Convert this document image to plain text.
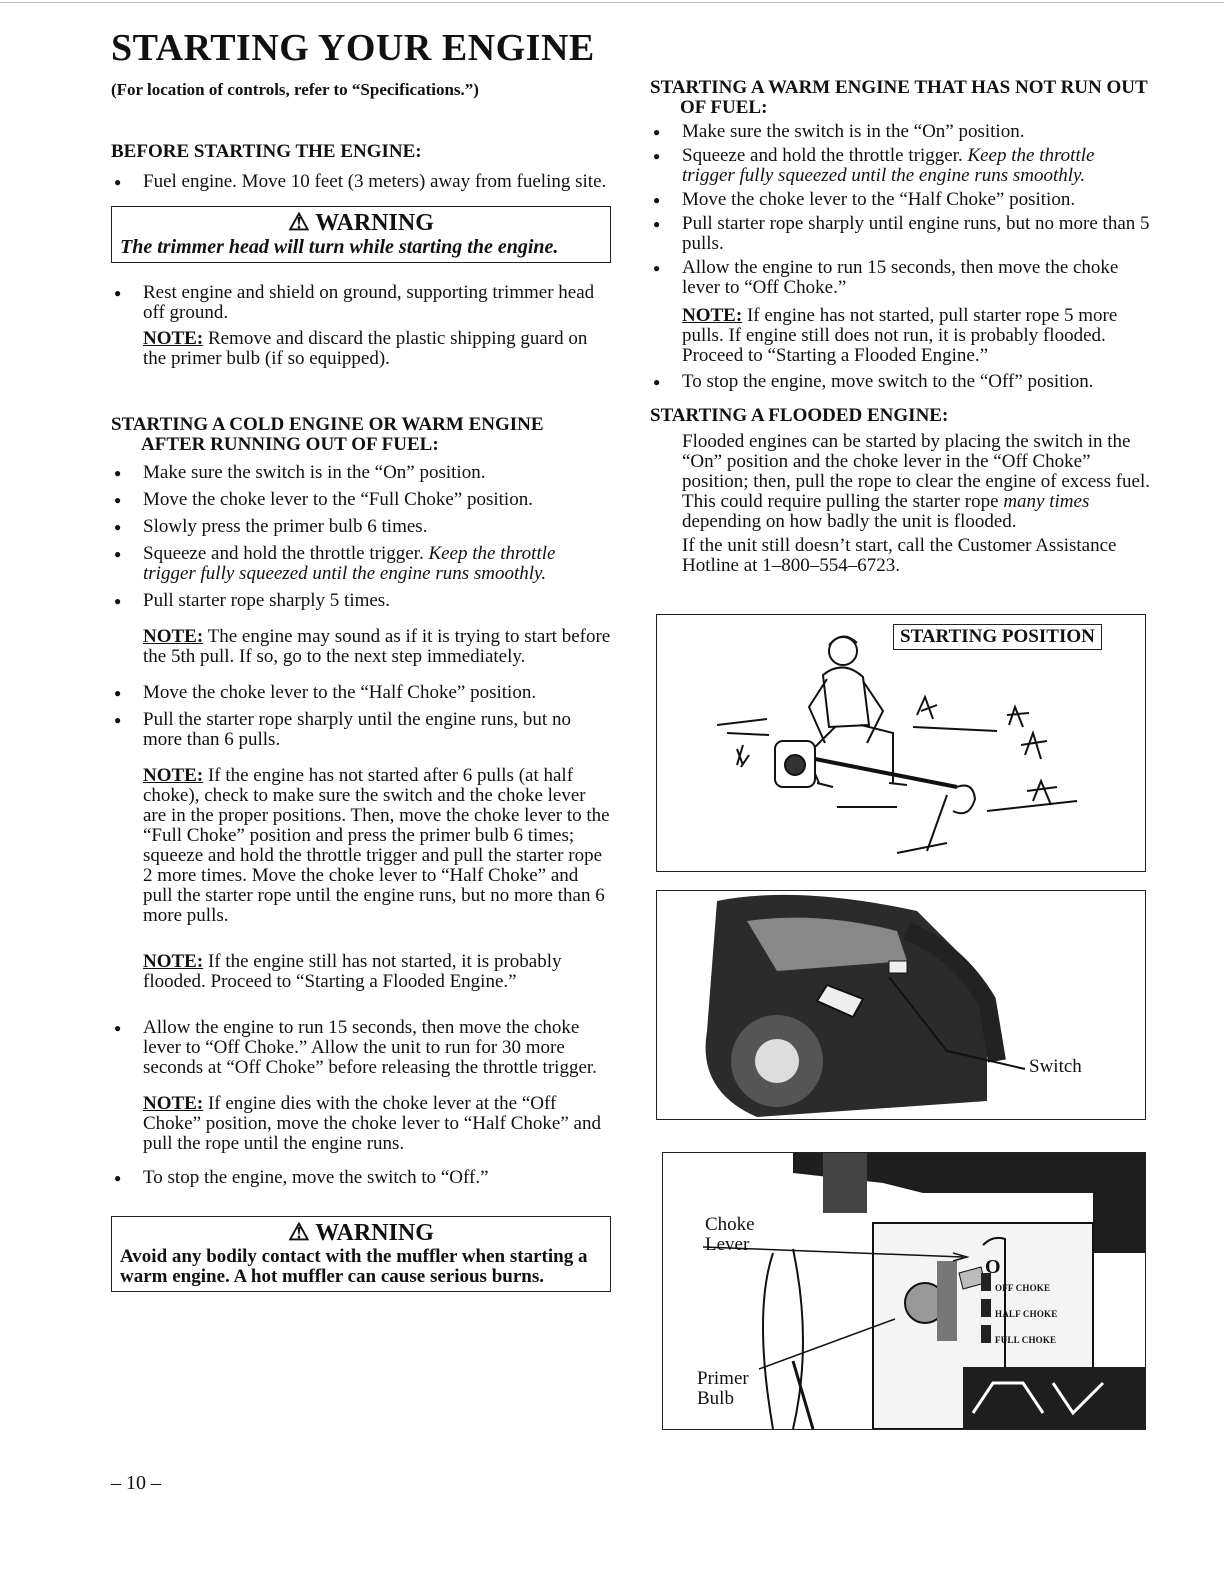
STARTING YOUR ENGINE

(For location of controls, refer to “Specifications.”)

BEFORE STARTING THE ENGINE:
● Fuel engine. Move 10 feet (3 meters) away from fueling site.
⚠ WARNING
The trimmer head will turn while starting the engine.
● Rest engine and shield on ground, supporting trimmer head off ground.

NOTE: Remove and discard the plastic shipping guard on the primer bulb (if so equipped).

STARTING A COLD ENGINE OR WARM ENGINE AFTER RUNNING OUT OF FUEL:
● Make sure the switch is in the “On” position.
● Move the choke lever to the “Full Choke” position.
● Slowly press the primer bulb 6 times.
● Squeeze and hold the throttle trigger. Keep the throttle trigger fully squeezed until the engine runs smoothly.
● Pull starter rope sharply 5 times.

NOTE: The engine may sound as if it is trying to start before the 5th pull. If so, go to the next step immediately.

● Move the choke lever to the “Half Choke” position.
● Pull the starter rope sharply until the engine runs, but no more than 6 pulls.

NOTE: If the engine has not started after 6 pulls (at half choke), check to make sure the switch and the choke lever are in the proper positions. Then, move the choke lever to the “Full Choke” position and press the primer bulb 6 times; squeeze and hold the throttle trigger and pull the starter rope 2 more times. Move the choke lever to “Half Choke” and pull the starter rope until the engine runs, but no more than 6 more pulls.

NOTE: If the engine still has not started, it is probably flooded. Proceed to “Starting a Flooded Engine.”

● Allow the engine to run 15 seconds, then move the choke lever to “Off Choke.” Allow the unit to run for 30 more seconds at “Off Choke” before releasing the throttle trigger.

NOTE: If engine dies with the choke lever at the “Off Choke” position, move the choke lever to “Half Choke” and pull the rope until the engine runs.

● To stop the engine, move the switch to “Off.”
⚠ WARNING
Avoid any bodily contact with the muffler when starting a warm engine. A hot muffler can cause serious burns.
STARTING A WARM ENGINE THAT HAS NOT RUN OUT OF FUEL:
● Make sure the switch is in the “On” position.
● Squeeze and hold the throttle trigger. Keep the throttle trigger fully squeezed until the engine runs smoothly.
● Move the choke lever to the “Half Choke” position.
● Pull starter rope sharply until engine runs, but no more than 5 pulls.
● Allow the engine to run 15 seconds, then move the choke lever to “Off Choke.”

NOTE: If engine has not started, pull starter rope 5 more pulls. If engine still does not run, it is probably flooded. Proceed to “Starting a Flooded Engine.”

● To stop the engine, move switch to the “Off” position.
STARTING A FLOODED ENGINE:

Flooded engines can be started by placing the switch in the “On” position and the choke lever in the “Off Choke” position; then, pull the rope to clear the engine of excess fuel. This could require pulling the starter rope many times depending on how badly the unit is flooded.

If the unit still doesn’t start, call the Customer Assistance Hotline at 1–800–554–6723.

STARTING POSITION
Switch
O
OFF CHOKE
HALF CHOKE
FULL CHOKE
Choke Lever
Primer Bulb
– 10 –
